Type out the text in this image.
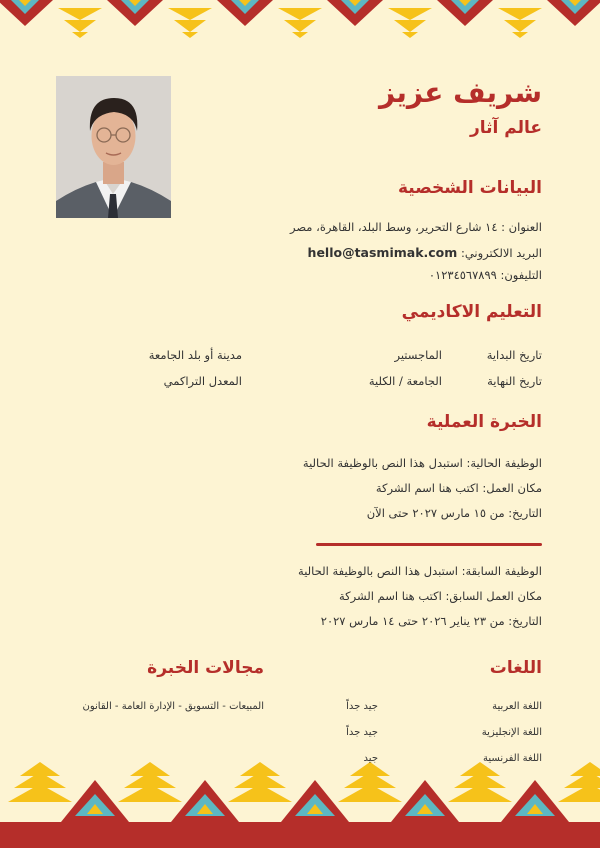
شريف عزيز
عالم آثار
البيانات الشخصية

العنوان : ١٤ شارع التحرير، وسط البلد، القاهرة، مصر

البريد الالكتروني: hello@tasmimak.com

التليفون: ٠١٢٣٤٥٦٧٨٩٩

التعليم الاكاديمي

تاريخ البداية

الماجستير

مدينة أو بلد الجامعة

تاريخ النهاية

الجامعة / الكلية

المعدل التراكمي

الخبرة العملية

الوظيفة الحالية: استبدل هذا النص بالوظيفة الحالية

مكان العمل: اكتب هنا اسم الشركة

التاريخ: من ١٥ مارس ٢٠٢٧ حتى الآن

الوظيفة السابقة: استبدل هذا النص بالوظيفة الحالية

مكان العمل السابق: اكتب هنا اسم الشركة

التاريخ: من ٢٣ يناير ٢٠٢٦ حتى ١٤ مارس ٢٠٢٧

اللغات

اللغة العربية

جيد جداً

اللغة الإنجليزية

جيد جداً

اللغة الفرنسية

جيد

مجالات الخبرة

المبيعات - التسويق - الإدارة العامة - القانون
